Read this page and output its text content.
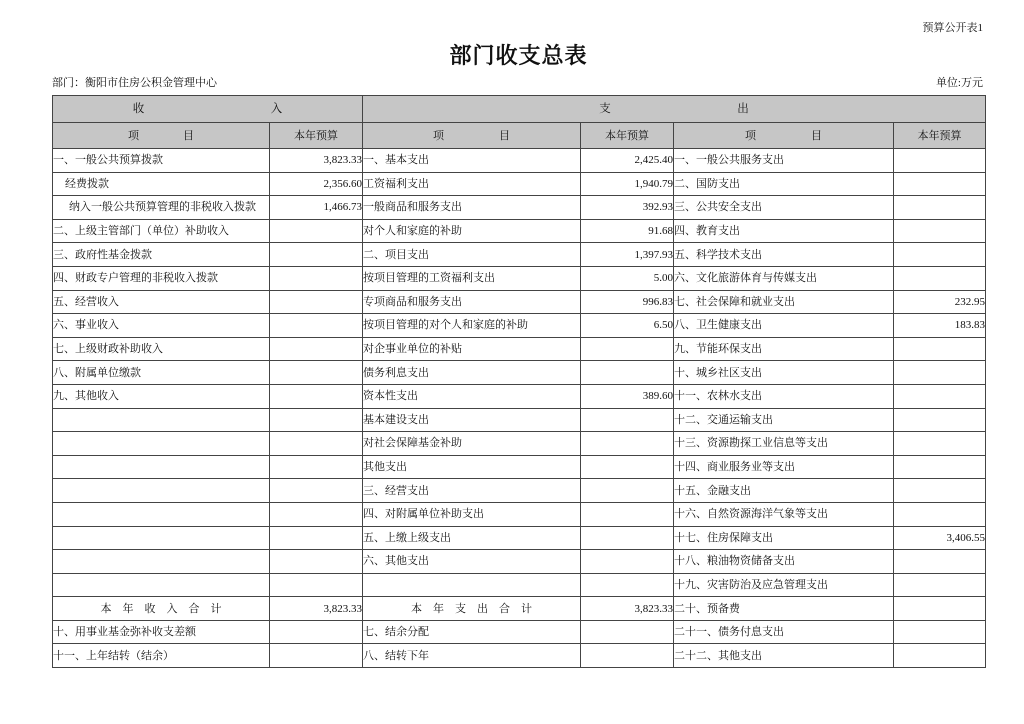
预算公开表1
部门收支总表
部门：衡阳市住房公积金管理中心	单位:万元
收　　　　　　　　　　　入		支　　　　　　　　　　　出			
项　　　　目	本年预算	项　　　　　目	本年预算	项　　　　　目	本年预算
一、一般公共预算拨款	3,823.33	一、基本支出	2,425.40	一、一般公共服务支出	
经费拨款	2,356.60	工资福利支出	1,940.79	二、国防支出	
纳入一般公共预算管理的非税收入拨款	1,466.73	一般商品和服务支出	392.93	三、公共安全支出	
二、上级主管部门（单位）补助收入		对个人和家庭的补助	91.68	四、教育支出	
三、政府性基金拨款		二、项目支出	1,397.93	五、科学技术支出	
四、财政专户管理的非税收入拨款		按项目管理的工资福利支出	5.00	六、文化旅游体育与传媒支出	
五、经营收入		专项商品和服务支出	996.83	七、社会保障和就业支出	232.95
六、事业收入		按项目管理的对个人和家庭的补助	6.50	八、卫生健康支出	183.83
七、上级财政补助收入		对企事业单位的补贴		九、节能环保支出	
八、附属单位缴款		债务利息支出		十、城乡社区支出	
九、其他收入		资本性支出	389.60	十一、农林水支出	
		基本建设支出		十二、交通运输支出	
		对社会保障基金补助		十三、资源勘探工业信息等支出	
		其他支出		十四、商业服务业等支出	
		三、经营支出		十五、金融支出	
		四、对附属单位补助支出		十六、自然资源海洋气象等支出	
		五、上缴上级支出		十七、住房保障支出	3,406.55
		六、其他支出		十八、粮油物资储备支出	
				十九、灾害防治及应急管理支出	
本　年　收　入　合　计	3,823.33	本　年　支　出　合　计	3,823.33	二十、预备费	
十、用事业基金弥补收支差额		七、结余分配		二十一、债务付息支出	
十一、上年结转（结余）		八、结转下年		二十二、其他支出	
